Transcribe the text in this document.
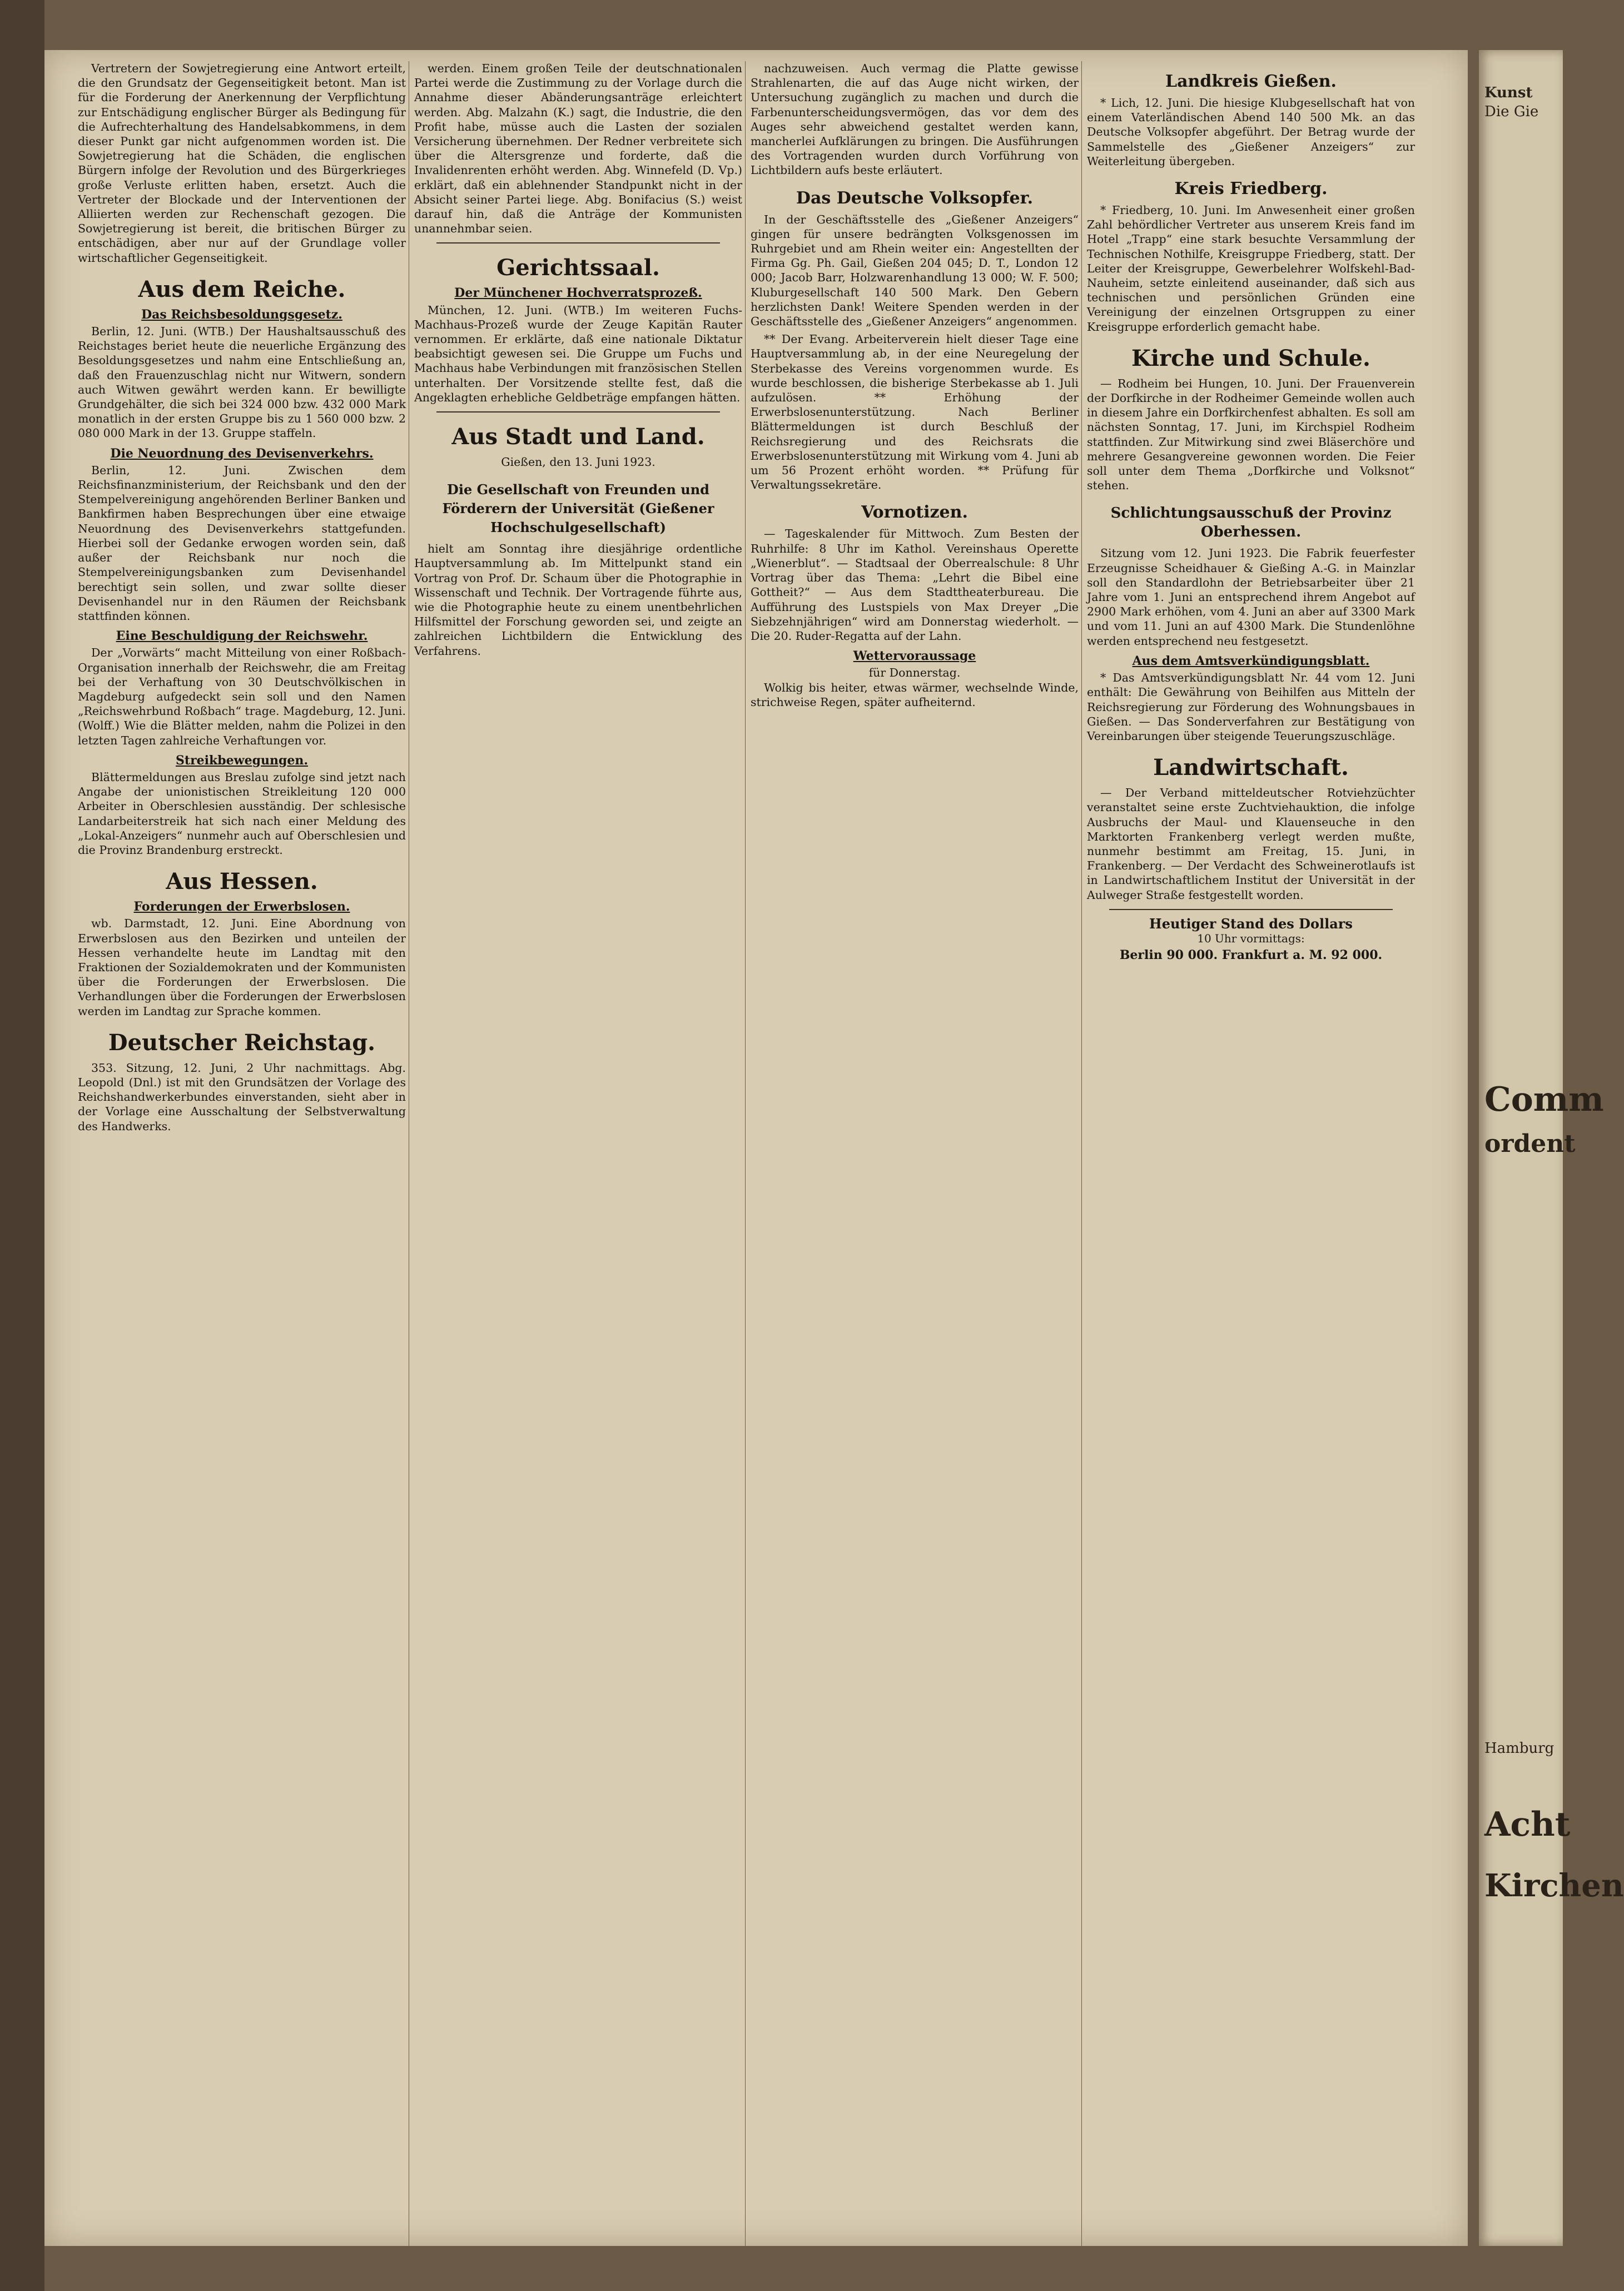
Vertretern der Sowjetregierung eine Antwort erteilt, die den Grundsatz der Gegenseitigkeit betont. Man ist für die Forderung der Anerkennung der Verpflichtung zur Entschädigung englischer Bürger als Bedingung für die Aufrechterhaltung des Handelsabkommens, in dem dieser Punkt gar nicht aufgenommen worden ist. Die Sowjetregierung hat die Schäden, die englischen Bürgern infolge der Revolution und des Bürgerkrieges große Verluste erlitten haben, ersetzt. Auch die Vertreter der Blockade und der Interventionen der Alliierten werden zur Rechenschaft gezogen. Die Sowjetregierung ist bereit, die britischen Bürger zu entschädigen, aber nur auf der Grundlage voller wirtschaftlicher Gegenseitigkeit.

Aus dem Reiche.
Das Reichsbesoldungsgesetz.

Berlin, 12. Juni. (WTB.) Der Haushaltsausschuß des Reichstages beriet heute die neuerliche Ergänzung des Besoldungsgesetzes und nahm eine Entschließung an, daß den Frauenzuschlag nicht nur Witwern, sondern auch Witwen gewährt werden kann. Er bewilligte Grundgehälter, die sich bei 324 000 bzw. 432 000 Mark monatlich in der ersten Gruppe bis zu 1 560 000 bzw. 2 080 000 Mark in der 13. Gruppe staffeln.

Die Neuordnung des Devisenverkehrs.

Berlin, 12. Juni. Zwischen dem Reichsfinanzministerium, der Reichsbank und den der Stempelvereinigung angehörenden Berliner Banken und Bankfirmen haben Besprechungen über eine etwaige Neuordnung des Devisenverkehrs stattgefunden. Hierbei soll der Gedanke erwogen worden sein, daß außer der Reichsbank nur noch die Stempelvereinigungsbanken zum Devisenhandel berechtigt sein sollen, und zwar sollte dieser Devisenhandel nur in den Räumen der Reichsbank stattfinden können.

Eine Beschuldigung der Reichswehr.

Der „Vorwärts“ macht Mitteilung von einer Roßbach-Organisation innerhalb der Reichswehr, die am Freitag bei der Verhaftung von 30 Deutschvölkischen in Magdeburg aufgedeckt sein soll und den Namen „Reichswehrbund Roßbach“ trage. Magdeburg, 12. Juni. (Wolff.) Wie die Blätter melden, nahm die Polizei in den letzten Tagen zahlreiche Verhaftungen vor.

Streikbewegungen.

Blättermeldungen aus Breslau zufolge sind jetzt nach Angabe der unionistischen Streikleitung 120 000 Arbeiter in Oberschlesien ausständig. Der schlesische Landarbeiterstreik hat sich nach einer Meldung des „Lokal-Anzeigers“ nunmehr auch auf Oberschlesien und die Provinz Brandenburg erstreckt.

Aus Hessen.
Forderungen der Erwerbslosen.

wb. Darmstadt, 12. Juni. Eine Abordnung von Erwerbslosen aus den Bezirken und unteilen der Hessen verhandelte heute im Landtag mit den Fraktionen der Sozialdemokraten und der Kommunisten über die Forderungen der Erwerbslosen. Die Verhandlungen über die Forderungen der Erwerbslosen werden im Landtag zur Sprache kommen.

Deutscher Reichstag.

353. Sitzung, 12. Juni, 2 Uhr nachmittags. Abg. Leopold (Dnl.) ist mit den Grundsätzen der Vorlage des Reichshandwerkerbundes einverstanden, sieht aber in der Vorlage eine Ausschaltung der Selbstverwaltung des Handwerks.

werden. Einem großen Teile der deutschnationalen Partei werde die Zustimmung zu der Vorlage durch die Annahme dieser Abänderungsanträge erleichtert werden. Abg. Malzahn (K.) sagt, die Industrie, die den Profit habe, müsse auch die Lasten der sozialen Versicherung übernehmen. Der Redner verbreitete sich über die Altersgrenze und forderte, daß die Invalidenrenten erhöht werden. Abg. Winnefeld (D. Vp.) erklärt, daß ein ablehnender Standpunkt nicht in der Absicht seiner Partei liege. Abg. Bonifacius (S.) weist darauf hin, daß die Anträge der Kommunisten unannehmbar seien.

Gerichtssaal.
Der Münchener Hochverratsprozeß.

München, 12. Juni. (WTB.) Im weiteren Fuchs-Machhaus-Prozeß wurde der Zeuge Kapitän Rauter vernommen. Er erklärte, daß eine nationale Diktatur beabsichtigt gewesen sei. Die Gruppe um Fuchs und Machhaus habe Verbindungen mit französischen Stellen unterhalten. Der Vorsitzende stellte fest, daß die Angeklagten erhebliche Geldbeträge empfangen hätten.

Aus Stadt und Land.
Gießen, den 13. Juni 1923.
Die Gesellschaft von Freunden und Förderern der Universität (Gießener Hochschulgesellschaft)

hielt am Sonntag ihre diesjährige ordentliche Hauptversammlung ab. Im Mittelpunkt stand ein Vortrag von Prof. Dr. Schaum über die Photographie in Wissenschaft und Technik. Der Vortragende führte aus, wie die Photographie heute zu einem unentbehrlichen Hilfsmittel der Forschung geworden sei, und zeigte an zahlreichen Lichtbildern die Entwicklung des Verfahrens.

nachzuweisen. Auch vermag die Platte gewisse Strahlenarten, die auf das Auge nicht wirken, der Untersuchung zugänglich zu machen und durch die Farbenunterscheidungsvermögen, das vor dem des Auges sehr abweichend gestaltet werden kann, mancherlei Aufklärungen zu bringen. Die Ausführungen des Vortragenden wurden durch Vorführung von Lichtbildern aufs beste erläutert.

Das Deutsche Volksopfer.

In der Geschäftsstelle des „Gießener Anzeigers“ gingen für unsere bedrängten Volksgenossen im Ruhrgebiet und am Rhein weiter ein: Angestellten der Firma Gg. Ph. Gail, Gießen 204 045; D. T., London 12 000; Jacob Barr, Holzwarenhandlung 13 000; W. F. 500; Kluburgesellschaft 140 500 Mark. Den Gebern herzlichsten Dank! Weitere Spenden werden in der Geschäftsstelle des „Gießener Anzeigers“ angenommen.

** Der Evang. Arbeiterverein hielt dieser Tage eine Hauptversammlung ab, in der eine Neuregelung der Sterbekasse des Vereins vorgenommen wurde. Es wurde beschlossen, die bisherige Sterbekasse ab 1. Juli aufzulösen. ** Erhöhung der Erwerbslosenunterstützung. Nach Berliner Blättermeldungen ist durch Beschluß der Reichsregierung und des Reichsrats die Erwerbslosenunterstützung mit Wirkung vom 4. Juni ab um 56 Prozent erhöht worden. ** Prüfung für Verwaltungssekretäre.

Vornotizen.

— Tageskalender für Mittwoch. Zum Besten der Ruhrhilfe: 8 Uhr im Kathol. Vereinshaus Operette „Wienerblut“. — Stadtsaal der Oberrealschule: 8 Uhr Vortrag über das Thema: „Lehrt die Bibel eine Gottheit?“ — Aus dem Stadttheaterbureau. Die Aufführung des Lustspiels von Max Dreyer „Die Siebzehnjährigen“ wird am Donnerstag wiederholt. — Die 20. Ruder-Regatta auf der Lahn.

Wettervoraussage
für Donnerstag.

Wolkig bis heiter, etwas wärmer, wechselnde Winde, strichweise Regen, später aufheiternd.

Landkreis Gießen.

* Lich, 12. Juni. Die hiesige Klubgesellschaft hat von einem Vaterländischen Abend 140 500 Mk. an das Deutsche Volksopfer abgeführt. Der Betrag wurde der Sammelstelle des „Gießener Anzeigers“ zur Weiterleitung übergeben.

Kreis Friedberg.

* Friedberg, 10. Juni. Im Anwesenheit einer großen Zahl behördlicher Vertreter aus unserem Kreis fand im Hotel „Trapp“ eine stark besuchte Versammlung der Technischen Nothilfe, Kreisgruppe Friedberg, statt. Der Leiter der Kreisgruppe, Gewerbelehrer Wolfskehl-Bad-Nauheim, setzte einleitend auseinander, daß sich aus technischen und persönlichen Gründen eine Vereinigung der einzelnen Ortsgruppen zu einer Kreisgruppe erforderlich gemacht habe.

Kirche und Schule.

— Rodheim bei Hungen, 10. Juni. Der Frauenverein der Dorfkirche in der Rodheimer Gemeinde wollen auch in diesem Jahre ein Dorfkirchenfest abhalten. Es soll am nächsten Sonntag, 17. Juni, im Kirchspiel Rodheim stattfinden. Zur Mitwirkung sind zwei Bläserchöre und mehrere Gesangvereine gewonnen worden. Die Feier soll unter dem Thema „Dorfkirche und Volksnot“ stehen.

Schlichtungsausschuß der Provinz Oberhessen.

Sitzung vom 12. Juni 1923. Die Fabrik feuerfester Erzeugnisse Scheidhauer & Gießing A.-G. in Mainzlar soll den Standardlohn der Betriebsarbeiter über 21 Jahre vom 1. Juni an entsprechend ihrem Angebot auf 2900 Mark erhöhen, vom 4. Juni an aber auf 3300 Mark und vom 11. Juni an auf 4300 Mark. Die Stundenlöhne werden entsprechend neu festgesetzt.

Aus dem Amtsverkündigungsblatt.

* Das Amtsverkündigungsblatt Nr. 44 vom 12. Juni enthält: Die Gewährung von Beihilfen aus Mitteln der Reichsregierung zur Förderung des Wohnungsbaues in Gießen. — Das Sonderverfahren zur Bestätigung von Vereinbarungen über steigende Teuerungszuschläge.

Landwirtschaft.

— Der Verband mitteldeutscher Rotviehzüchter veranstaltet seine erste Zuchtviehauktion, die infolge Ausbruchs der Maul- und Klauenseuche in den Marktorten Frankenberg verlegt werden mußte, nunmehr bestimmt am Freitag, 15. Juni, in Frankenberg. — Der Verdacht des Schweinerotlaufs ist in Landwirtschaftlichem Institut der Universität in der Aulweger Straße festgestellt worden.

Heutiger Stand des Dollars
10 Uhr vormittags:
Berlin 90 000. Frankfurt a. M. 92 000.
Kunst
Die Gie
Comm
ordent
Hamburg
Acht
Kirchen
